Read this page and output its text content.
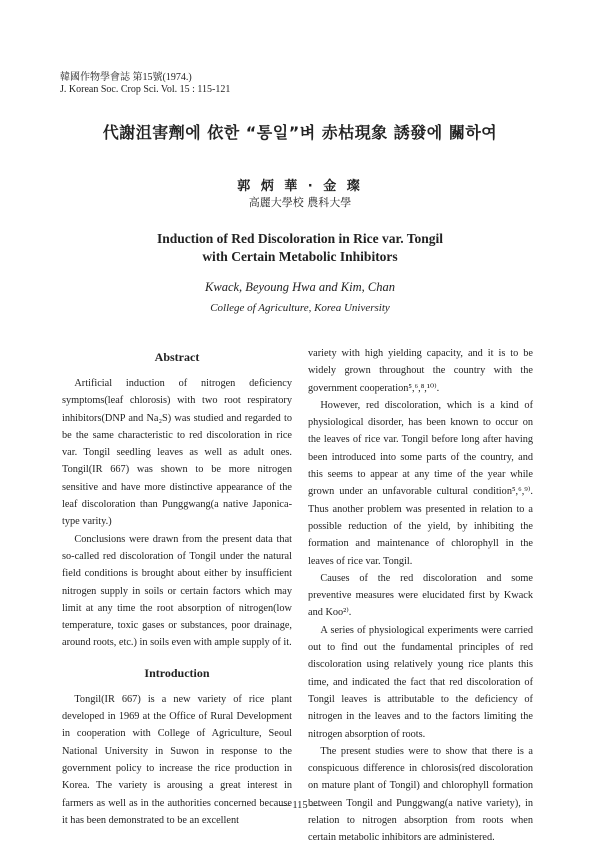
韓國作物學會誌 第15號(1974.)
J. Korean Soc. Crop Sci. Vol. 15 : 115-121
代謝沮害劑에 依한 “통일”벼 赤枯現象 誘發에 關하여
郭 炳 華 · 金 璨
高麗大學校 農科大學
Induction of Red Discoloration in Rice var. Tongil
with Certain Metabolic Inhibitors
Kwack, Beyoung Hwa and Kim, Chan
College of Agriculture, Korea University
Abstract

Artificial induction of nitrogen deficiency symptoms(leaf chlorosis) with two root respiratory inhibitors(DNP and Na₂S) was studied and regarded to be the same characteristic to red discoloration in rice var. Tongil seedling leaves as well as adult ones. Tongil(IR 667) was shown to be more nitrogen sensitive and have more distinctive appearance of the leaf discoloration than Punggwang(a native Japonica-type varity.)

Conclusions were drawn from the present data that so-called red discoloration of Tongil under the natural field conditions is brought about either by insufficient nitrogen supply in soils or certain factors which may limit at any time the root absorption of nitrogen(low temperature, toxic gases or substances, poor drainage, around roots, etc.) in soils even with ample supply of it.

Introduction

Tongil(IR 667) is a new variety of rice plant developed in 1969 at the Office of Rural Development in cooperation with College of Agriculture, Seoul National University in Suwon in response to the government policy to increase the rice production in Korea. The variety is arousing a great interest in farmers as well as in the authorities concerned because it has been demonstrated to be an excellent

variety with high yielding capacity, and it is to be widely grown throughout the country with the government cooperation⁵,⁶,⁸,¹⁰⁾.

However, red discoloration, which is a kind of physiological disorder, has been known to occur on the leaves of rice var. Tongil before long after having been introduced into some parts of the country, and this seems to appear at any time of the year while grown under an unfavorable cultural condition⁵,⁶,⁹⁾. Thus another problem was presented in relation to a possible reduction of the yield, by inhibiting the formation and maintenance of chlorophyll in the leaves of rice var. Tongil.

Causes of the red discoloration and some preventive measures were elucidated first by Kwack and Koo²⁾.

A series of physiological experiments were carried out to find out the fundamental principles of red discoloration using relatively young rice plants this time, and indicated the fact that red discoloration of Tongil leaves is attributable to the deficiency of nitrogen in the leaves and to the factors limiting the nitrogen absorption of roots.

The present studies were to show that there is a conspicuous difference in chlorosis(red discoloration on mature plant of Tongil) and chlorophyll formation between Tongil and Punggwang(a native variety), in relation to nitrogen absorption from roots when certain metabolic inhibitors are administered.

— 115 —
